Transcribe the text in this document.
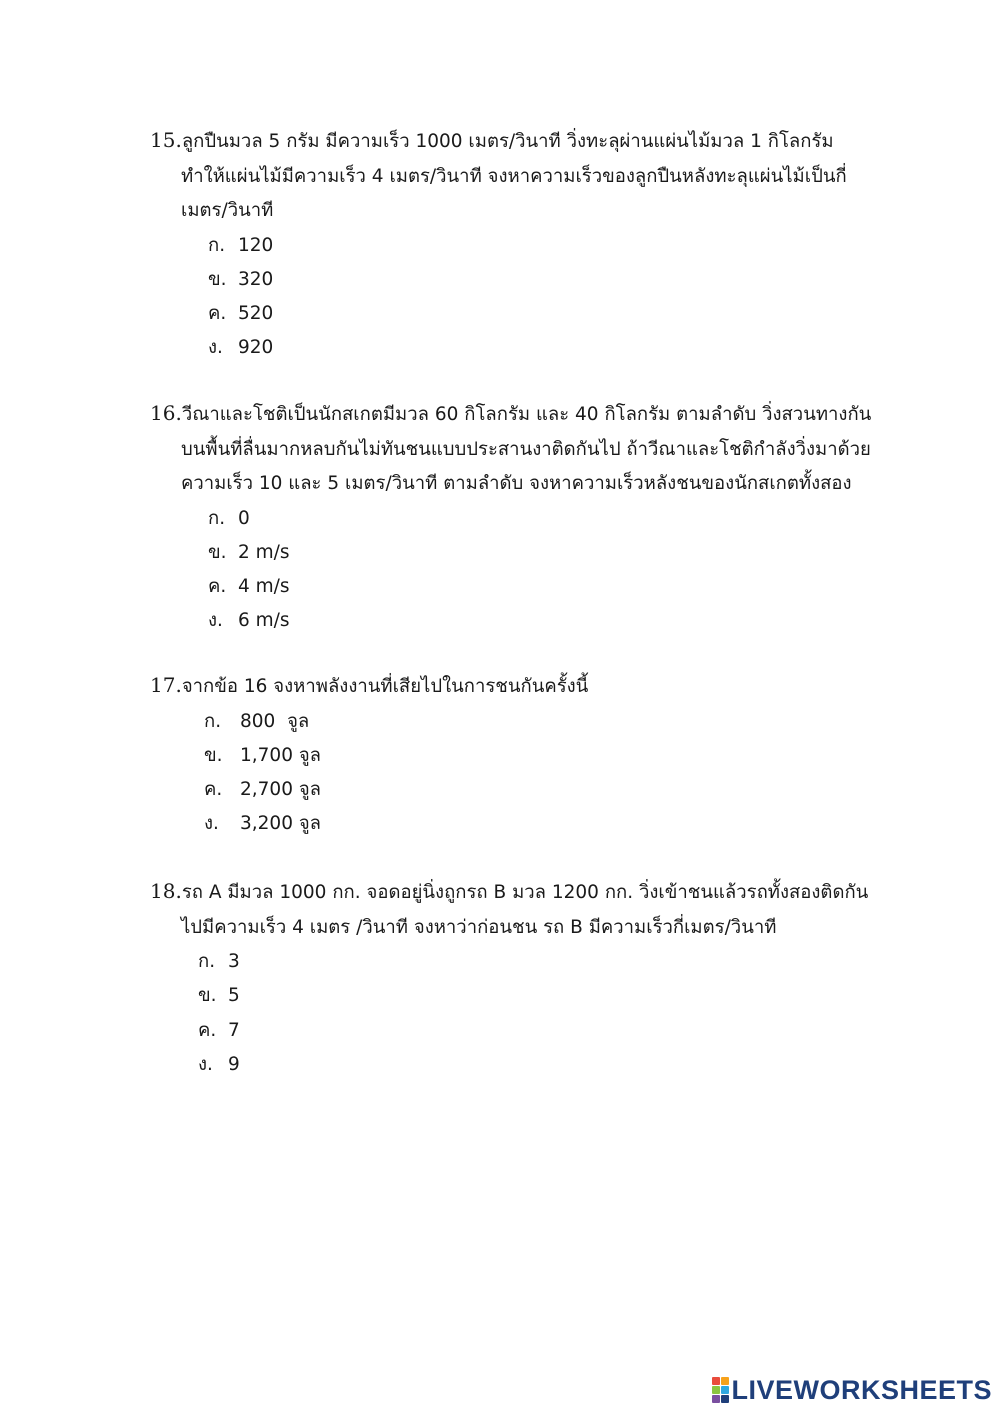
15.ลูกปืนมวล 5 กรัม มีความเร็ว 1000 เมตร/วินาที วิ่งทะลุผ่านแผ่นไม้มวล 1 กิโลกรัม ทำให้แผ่นไม้มีความเร็ว 4 เมตร/วินาที จงหาความเร็วของลูกปืนหลังทะลุแผ่นไม้เป็นกี่เมตร/วินาที
ก. 120
ข. 320
ค. 520
ง. 920
16.วีณาและโชติเป็นนักสเกตมีมวล 60 กิโลกรัม และ 40 กิโลกรัม ตามลำดับ วิ่งสวนทางกันบนพื้นที่ลื่นมากหลบกันไม่ทันชนแบบประสานงาติดกันไป ถ้าวีณาและโชติกำลังวิ่งมาด้วยความเร็ว 10 และ 5 เมตร/วินาที ตามลำดับ จงหาความเร็วหลังชนของนักสเกตทั้งสอง
ก. 0
ข. 2 m/s
ค. 4 m/s
ง. 6 m/s
17.จากข้อ 16 จงหาพลังงานที่เสียไปในการชนกันครั้งนี้
ก. 800  จูล
ข. 1,700 จูล
ค. 2,700 จูล
ง. 3,200 จูล
18.รถ A มีมวล 1000 กก. จอดอยู่นิ่งถูกรถ B มวล 1200 กก. วิ่งเข้าชนแล้วรถทั้งสองติดกันไปมีความเร็ว 4 เมตร /วินาที จงหาว่าก่อนชน รถ B มีความเร็วกี่เมตร/วินาที
ก. 3
ข. 5
ค. 7
ง. 9
LIVEWORKSHEETS
